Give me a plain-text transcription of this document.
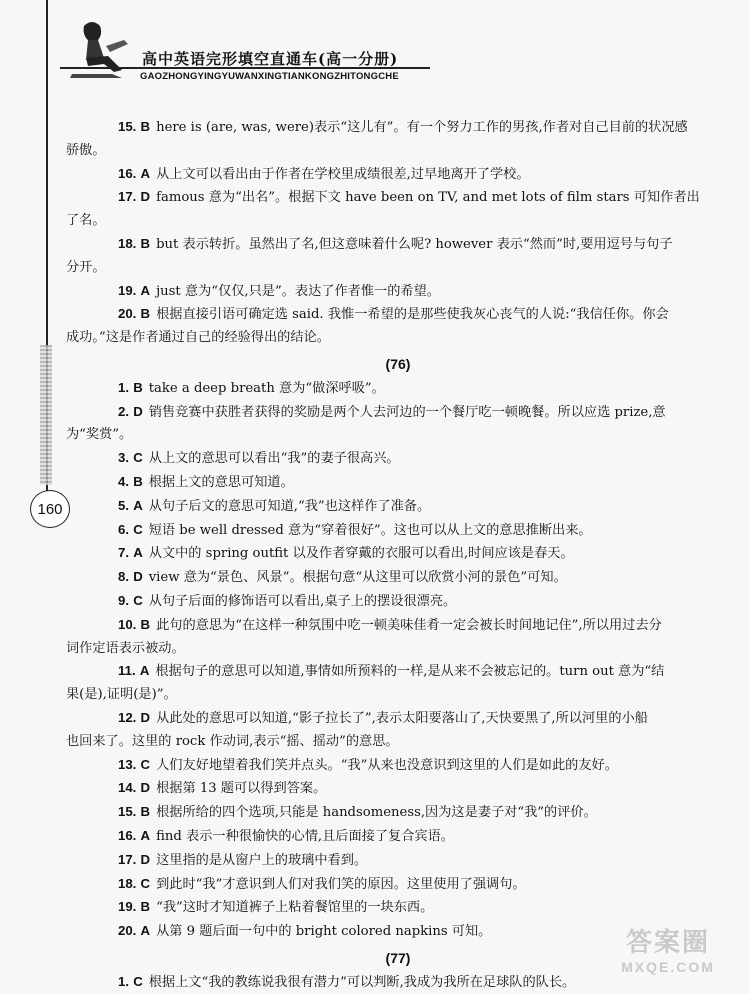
高中英语完形填空直通车(高一分册)
GAOZHONGYINGYUWANXINGTIANKONGZHITONGCHE
160
15. B here is (are, was, were)表示“这儿有”。有一个努力工作的男孩,作者对自己目前的状况感
骄傲。
16. A 从上文可以看出由于作者在学校里成绩很差,过早地离开了学校。
17. D famous 意为“出名”。根据下文 have been on TV, and met lots of film stars 可知作者出
了名。
18. B but 表示转折。虽然出了名,但这意味着什么呢? however 表示“然而”时,要用逗号与句子
分开。
19. A just 意为“仅仅,只是”。表达了作者惟一的希望。
20. B 根据直接引语可确定选 said. 我惟一希望的是那些使我灰心丧气的人说:“我信任你。你会
成功。”这是作者通过自己的经验得出的结论。
(76)
1. B take a deep breath 意为“做深呼吸”。
2. D 销售竞赛中获胜者获得的奖励是两个人去河边的一个餐厅吃一顿晚餐。所以应选 prize,意
为“奖赏”。
3. C 从上文的意思可以看出“我”的妻子很高兴。
4. B 根据上文的意思可知道。
5. A 从句子后文的意思可知道,“我”也这样作了准备。
6. C 短语 be well dressed 意为“穿着很好”。这也可以从上文的意思推断出来。
7. A 从文中的 spring outfit 以及作者穿戴的衣服可以看出,时间应该是春天。
8. D view 意为“景色、风景”。根据句意“从这里可以欣赏小河的景色”可知。
9. C 从句子后面的修饰语可以看出,桌子上的摆设很漂亮。
10. B 此句的意思为“在这样一种氛围中吃一顿美味佳肴一定会被长时间地记住”,所以用过去分
词作定语表示被动。
11. A 根据句子的意思可以知道,事情如所预料的一样,是从来不会被忘记的。turn out 意为“结
果(是),证明(是)”。
12. D 从此处的意思可以知道,“影子拉长了”,表示太阳要落山了,天快要黑了,所以河里的小船
也回来了。这里的 rock 作动词,表示“摇、摇动”的意思。
13. C 人们友好地望着我们笑并点头。“我”从来也没意识到这里的人们是如此的友好。
14. D 根据第 13 题可以得到答案。
15. B 根据所给的四个选项,只能是 handsomeness,因为这是妻子对“我”的评价。
16. A find 表示一种很愉快的心情,且后面接了复合宾语。
17. D 这里指的是从窗户上的玻璃中看到。
18. C 到此时“我”才意识到人们对我们笑的原因。这里使用了强调句。
19. B “我”这时才知道裤子上粘着餐馆里的一块东西。
20. A 从第 9 题后面一句中的 bright colored napkins 可知。
(77)
1. C 根据上文“我的教练说我很有潜力”可以判断,我成为我所在足球队的队长。
答案圈
MXQE.COM
